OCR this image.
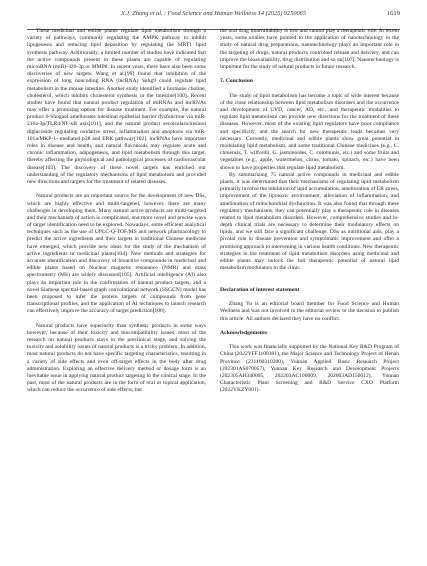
X.J. Zhang et al. / Food Science and Human Wellness 14 (2025) 9250065	1619

These medicinal and edible plants regulate lipid metabolism through a variety of pathways, commonly regulating the AMPK pathway to inhibit lipogenesis and reducing lipid deposition by regulating the SIRT1 lipid synthesis pathway. Additionally, a limited number of studies have indicated that the active compounds present in these plants are capable of regulating microRNA (miR)-320-3p or MMP8. In recent years, there have also been some discoveries of new targets. Wang et al.[99] found that inhibition of the expression of long noncoding RNA (lncRNA) Snhg9 could regulate lipid metabolism in the mouse intestine. Another study identified a hormone choline, cholesterol, which inhibits cholesterol synthesis in the intestine[100]. Recent studies have found that natural product regulation of miRNAs and lncRNAs may offer a promising option for disease treatment. For example, the natural product 6-Shogaol ameliorates intestinal epithelial barrier dysfunction via miR-216a-3p/TLR4/NF-κB axis[101], and the natural product secoisolariciresinol diglucoside regulating oxidative stress, inflammation and apoptosis via miR-101a/MKP-1- mediated p38 and ERK pathway[102]. lncRNAs have important roles in disease and health, and natural flavonoids may regulate acute and chronic inflammation, adipogenesis, and lipid metabolism through this target, thereby affecting the physiological and pathological processes of cardiovascular disease[103]. The discovery of these novel targets has enriched our understanding of the regulatory mechanisms of lipid metabolism and provided new directions and targets for the treatment of related diseases.

Natural products are an important source for the development of new DSs, which are highly effective and multi-targeted, however, there are many challenges in developing them. Many natural active products are multi-targeted and their mechanism of action is complicated, and more novel and precise ways of target identification need to be explored. Nowadays, some efficient analytical techniques such as the use of UPLC-Q-TOF/MS and network pharmacology to predict the active ingredients and their targets in traditional Chinese medicine have emerged, which provide new ideas for the study of the mechanism of active ingredients in medicinal plants[104]. New methods and strategies for accurate identification and discovery of bioactive compounds in medicinal and edible plants based on Nuclear magnetic resonance (NMR) and mass spectrometry (MS) are widely discussed[105]. Artificial intelligence (AI) also plays an important role in the confirmation of natural product targets, and a novel Siamese spectral-based graph convolutional network (SSGCN) model has been proposed to infer the protein targets of compounds from gene transcriptional profiles, and the application of AI techniques to launch research can effectively improve the accuracy of target prediction[106].

Natural products have superiority than synthetic products in some ways however, because of their toxicity and biocompatibility issues, most of the research on natural products stays in the preclinical stage, and solving the toxicity and solubility issues of natural products is a tricky problem. In addition, most natural products do not have specific targeting characteristics, resulting in a variety of side effects and even off-target effects in the body after drug administration. Exploring an effective delivery method or dosage form is an inevitable issue in applying natural product targeting to the clinical stage. In the past, most of the natural products are in the form of oral or topical application, which can reduce the occurrence of side effects, but

the oral drug bioavailability is low and cannot play a therapeutic role. In recent years, some studies have pointed to the application of nanotechnology in the study of natural drug preparations, nanotechnology plays an important role in the targeting of drugs, natural products controlled release and delivery, and can improve the bioavailability, drug distribution and so on[107]. Nanotechnology is important for the study of natural products in future research.

7. Conclusion

The study of lipid metabolism has become a topic of wide interest because of the close relationship between lipid metabolism disorders and the occurrence and development of CVD, cancer, AD, etc., and therapeutic modalities to regulate lipid metabolism can provide new directions for the treatment of these diseases. However, most of the existing lipid regulators have poor compliance and specificity, and the search for new therapeutic leads becomes very necessary. Currently, medicinal and edible plants show great potential in modulating lipid metabolism, and some traditional Chinese medicines (e.g., C. chinensis, T. wilfordii, G. jasminoides, C. communis, etc.) and some fruits and vegetables (e.g., apple, watermelon, citrus, tomato, spinach, etc.) have been shown to have properties that regulate lipid metabolism.

By summarizing 75 natural active compounds in medicinal and edible plants, it was determined that their mechanisms of regulating lipid metabolism primarily involve the inhibition of lipid accumulation, amelioration of ER stress, improvement of the lipotoxic environment, alleviation of inflammation, and amelioration of mitochondrial dysfunction. It was also found that through these regulatory mechanisms, they can potentially play a therapeutic role in diseases related to lipid metabolism disorders. However, comprehensive studies and in-depth clinical trials are necessary to determine their modulatory effects on lipids, and we still face a significant challenge. DSs as nutritional aids, play a pivotal role in disease prevention and symptomatic improvement and offer a promising approach to intervening in various health conditions. New therapeutic strategies in the treatment of lipid metabolism disorders using medicinal and edible plants may unlock the full therapeutic potential of natural lipid metabolism modulators in the clinic.

Declaration of interest statement

Zhang Yu is an editorial board member for Food Science and Human Wellness and was not involved in the editorial review or the decision to publish this article. All authors declared they have no conflict.

Acknowledgements

This work was financially supported by the National Key R&D Program of China (2022YFF1100301), the Major Science and Technology Project of Henan Province (231100310200), Yunnan Applied Basic Research Project (202301AS070057), Yunnan Key Research and Development Projects (202305AH340005, 202203AC100009, 202003AD150012), Yunnan Characteristic Plant Screening and R&D Service CXO Platform (2022YKZY001).
